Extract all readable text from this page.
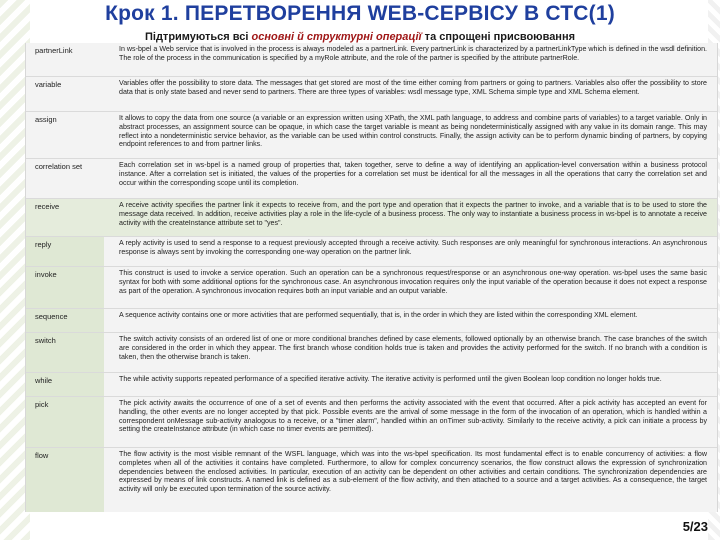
Крок 1. ПЕРЕТВОРЕННЯ WEB-СЕРВІСУ В СТС(1)
Підтримуються всі основні й структурні операції та спрощені присвоювання
partnerLink	In ws-bpel a Web service that is involved in the process is always modeled as a partnerLink. Every partnerLink is characterized by a partnerLinkType which is defined in the wsdl definition. The role of the process in the communication is specified by a myRole attribute, and the role of the partner is specified by the attribute partnerRole.
variable	Variables offer the possibility to store data. The messages that get stored are most of the time either coming from partners or going to partners. Variables also offer the possibility to store data that is only state based and never send to partners. There are three types of variables: wsdl message type, XML Schema simple type and XML Schema element.
assign	It allows to copy the data from one source (a variable or an expression written using XPath, the XML path language, to address and combine parts of variables) to a target variable. Only in abstract processes, an assignment source can be opaque, in which case the target variable is meant as being nondeterministically assigned with any value in its domain range. This may reflect into a nondeterministic service behavior, as the variable can be used within control constructs. Finally, the assign activity can be to perform dynamic binding of partners, by copying endpoint references to and from partner links.
correlation set	Each correlation set in ws-bpel is a named group of properties that, taken together, serve to define a way of identifying an application-level conversation within a business protocol instance. After a correlation set is initiated, the values of the properties for a correlation set must be identical for all the messages in all the operations that carry the correlation set and occur within the corresponding scope until its completion.
receive	A receive activity specifies the partner link it expects to receive from, and the port type and operation that it expects the partner to invoke, and a variable that is to be used to store the message data received. In addition, receive activities play a role in the life-cycle of a business process. The only way to instantiate a business process in ws-bpel is to annotate a receive activity with the createInstance attribute set to "yes".
reply	A reply activity is used to send a response to a request previously accepted through a receive activity. Such responses are only meaningful for synchronous interactions. An asynchronous response is always sent by invoking the corresponding one-way operation on the partner link.
invoke	This construct is used to invoke a service operation. Such an operation can be a synchronous request/response or an asynchronous one-way operation. ws-bpel uses the same basic syntax for both with some additional options for the synchronous case. An asynchronous invocation requires only the input variable of the operation because it does not expect a response as part of the operation. A synchronous invocation requires both an input variable and an output variable.
sequence	A sequence activity contains one or more activities that are performed sequentially, that is, in the order in which they are listed within the corresponding XML element.
switch	The switch activity consists of an ordered list of one or more conditional branches defined by case elements, followed optionally by an otherwise branch. The case branches of the switch are considered in the order in which they appear. The first branch whose condition holds true is taken and provides the activity performed for the switch. If no branch with a condition is taken, then the otherwise branch is taken.
while	The while activity supports repeated performance of a specified iterative activity. The iterative activity is performed until the given Boolean loop condition no longer holds true.
pick	The pick activity awaits the occurrence of one of a set of events and then performs the activity associated with the event that occurred. After a pick activity has accepted an event for handling, the other events are no longer accepted by that pick. Possible events are the arrival of some message in the form of the invocation of an operation, which is handled within a correspondent onMessage sub-activity analogous to a receive, or a "timer alarm", handled within an onTimer sub-activity. Similarly to the receive activity, a pick can initiate a process by setting the createInstance attribute (in which case no timer events are permitted).
flow	The flow activity is the most visible remnant of the WSFL language, which was into the ws-bpel specification. Its most fundamental effect is to enable concurrency of activities: a flow completes when all of the activities it contains have completed. Furthermore, to allow for complex concurrency scenarios, the flow construct allows the expression of synchronization dependencies between the enclosed activities. In particular, execution of an activity can be dependent on other activities and certain conditions. The synchronization dependencies are expressed by means of link constructs. A named link is defined as a sub-element of the flow activity, and then attached to a source and a target activities. As a consequence, the target activity will only be executed upon termination of the source activity.
5/23
